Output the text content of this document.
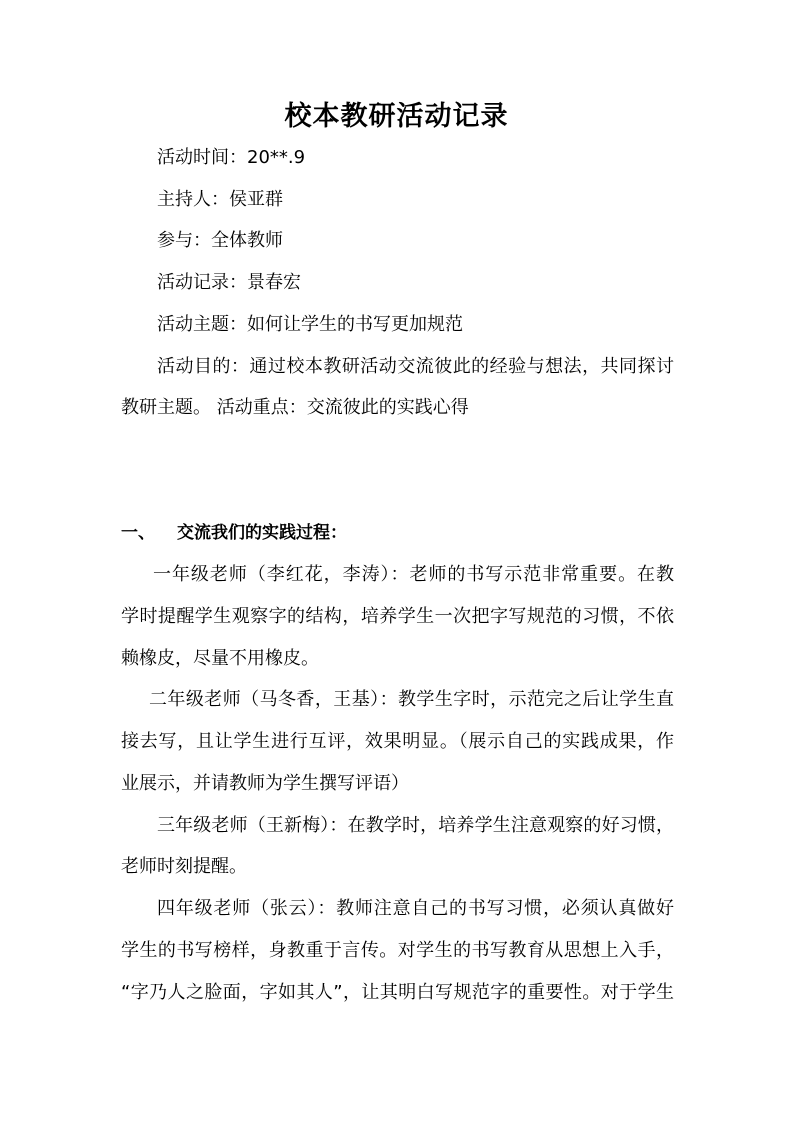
校本教研活动记录
活动时间：20**.9
主持人：侯亚群
参与：全体教师
活动记录：景春宏
活动主题：如何让学生的书写更加规范
活动目的：通过校本教研活动交流彼此的经验与想法，共同探讨
教研主题。 活动重点：交流彼此的实践心得
一、	交流我们的实践过程：
一年级老师（李红花，李涛）：老师的书写示范非常重要。在教
学时提醒学生观察字的结构，培养学生一次把字写规范的习惯，不依
赖橡皮，尽量不用橡皮。
二年级老师（马冬香，王基）：教学生字时，示范完之后让学生直
接去写，且让学生进行互评，效果明显。（展示自己的实践成果，作
业展示，并请教师为学生撰写评语）
三年级老师（王新梅）：在教学时，培养学生注意观察的好习惯，
老师时刻提醒。
四年级老师（张云）：教师注意自己的书写习惯，必须认真做好
学生的书写榜样，身教重于言传。对学生的书写教育从思想上入手，
“字乃人之脸面，字如其人”，让其明白写规范字的重要性。对于学生
